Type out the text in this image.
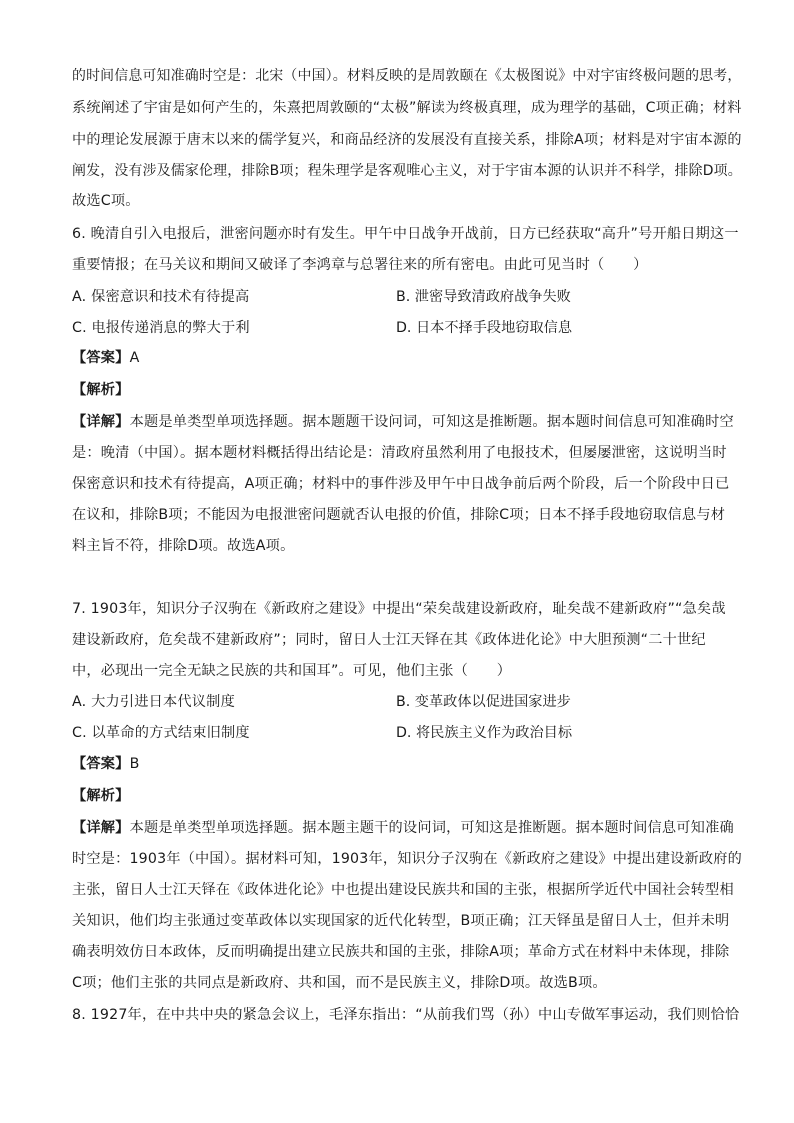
的时间信息可知准确时空是：北宋（中国）。材料反映的是周敦颐在《太极图说》中对宇宙终极问题的思考，
系统阐述了宇宙是如何产生的，朱熹把周敦颐的“太极”解读为终极真理，成为理学的基础，C项正确；材料
中的理论发展源于唐末以来的儒学复兴，和商品经济的发展没有直接关系，排除A项；材料是对宇宙本源的
阐发，没有涉及儒家伦理，排除B项；程朱理学是客观唯心主义，对于宇宙本源的认识并不科学，排除D项。
故选C项。
6. 晚清自引入电报后，泄密问题亦时有发生。甲午中日战争开战前，日方已经获取“高升”号开船日期这一
重要情报；在马关议和期间又破译了李鸿章与总署往来的所有密电。由此可见当时（　　）
A. 保密意识和技术有待提高	B. 泄密导致清政府战争失败
C. 电报传递消息的弊大于利	D. 日本不择手段地窃取信息
【答案】A
【解析】
【详解】本题是单类型单项选择题。据本题题干设问词，可知这是推断题。据本题时间信息可知准确时空
是：晚清（中国）。据本题材料概括得出结论是：清政府虽然利用了电报技术，但屡屡泄密，这说明当时
保密意识和技术有待提高，A项正确；材料中的事件涉及甲午中日战争前后两个阶段，后一个阶段中日已
在议和，排除B项；不能因为电报泄密问题就否认电报的价值，排除C项；日本不择手段地窃取信息与材
料主旨不符，排除D项。故选A项。
7. 1903年，知识分子汉驹在《新政府之建设》中提出“荣矣哉建设新政府，耻矣哉不建新政府”“急矣哉
建设新政府，危矣哉不建新政府”；同时，留日人士江天铎在其《政体进化论》中大胆预测“二十世纪
中，必现出一完全无缺之民族的共和国耳”。可见，他们主张（　　）
A. 大力引进日本代议制度	B. 变革政体以促进国家进步
C. 以革命的方式结束旧制度	D. 将民族主义作为政治目标
【答案】B
【解析】
【详解】本题是单类型单项选择题。据本题主题干的设问词，可知这是推断题。据本题时间信息可知准确
时空是：1903年（中国）。据材料可知，1903年，知识分子汉驹在《新政府之建设》中提出建设新政府的
主张，留日人士江天铎在《政体进化论》中也提出建设民族共和国的主张，根据所学近代中国社会转型相
关知识，他们均主张通过变革政体以实现国家的近代化转型，B项正确；江天铎虽是留日人士，但并未明
确表明效仿日本政体，反而明确提出建立民族共和国的主张，排除A项；革命方式在材料中未体现，排除
C项；他们主张的共同点是新政府、共和国，而不是民族主义，排除D项。故选B项。
8. 1927年，在中共中央的紧急会议上，毛泽东指出：“从前我们骂（孙）中山专做军事运动，我们则恰恰
